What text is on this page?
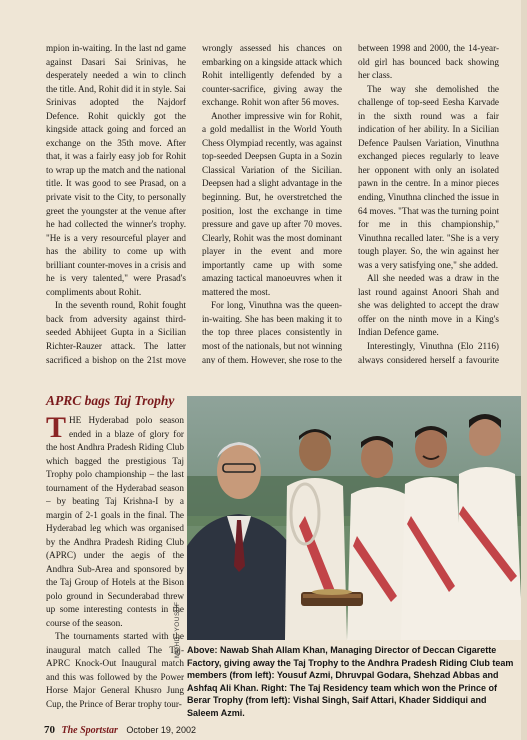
mpion in-waiting. In the last nd game against Dasari Sai Srinivas, he desperately needed a win to clinch the title. And, Rohit did it in style. Sai Srinivas adopted the Najdorf Defence. Rohit quickly got the kingside attack going and forced an exchange on the 35th move. After that, it was a fairly easy job for Rohit to wrap up the match and the national title. It was good to see Prasad, on a private visit to the City, to personally greet the youngster at the venue after he had collected the winner's trophy. "He is a very resourceful player and has the ability to come up with brilliant counter-moves in a crisis and he is very talented," were Prasad's compliments about Rohit.

In the seventh round, Rohit fought back from adversity against third-seeded Abhijeet Gupta in a Sicilian Richter-Rauzer attack. The latter sacrificed a bishop on the 21st move

wrongly assessed his chances on embarking on a kingside attack which Rohit intelligently defended by a counter-sacrifice, giving away the exchange. Rohit won after 56 moves.

Another impressive win for Rohit, a gold medallist in the World Youth Chess Olympiad recently, was against top-seeded Deepsen Gupta in a Sozin Classical Variation of the Sicilian. Deepsen had a slight advantage in the beginning. But, he overstretched the position, lost the exchange in time pressure and gave up after 70 moves. Clearly, Rohit was the most dominant player in the event and more importantly came up with some amazing tactical manoeuvres when it mattered the most.

For long, Vinuthna was the queen-in-waiting. She has been making it to the top three places consistently in most of the nationals, but not winning any of them. However, she rose to the

between 1998 and 2000, the 14-year-old girl has bounced back showing her class.

The way she demolished the challenge of top-seed Eesha Karvade in the sixth round was a fair indication of her ability. In a Sicilian Defence Paulsen Variation, Vinuthna exchanged pieces regularly to leave her opponent with only an isolated pawn in the centre. In a minor pieces ending, Vinuthna clinched the issue in 64 moves. "That was the turning point for me in this championship," Vinuthna recalled later. "She is a very tough player. So, the win against her was a very satisfying one," she added.

All she needed was a draw in the last round against Anoori Shah and she was delighted to accept the draw offer on the ninth move in a King's Indian Defence game.

Interestingly, Vinuthna (Elo 2116) always considered herself a favourite

APRC bags Taj Trophy

THE Hyderabad polo season ended in a blaze of glory for the host Andhra Pradesh Riding Club which bagged the prestigious Taj Trophy polo championship – the last tournament of the Hyderabad season – by beating Taj Krishna-I by a margin of 2-1 goals in the final. The Hyderabad leg which was organised by the Andhra Pradesh Riding Club (APRC) under the aegis of the Andhra Sub-Area and sponsored by the Taj Group of Hotels at the Bison polo ground in Secunderabad threw up some interesting contests in the course of the season.

The tournaments started with the inaugural match called The Taj-APRC Knock-Out Inaugural match and this was followed by the Power Horse Major General Khusro Jung Cup, the Prince of Berar trophy tour-

MOHD. YOUSUF Above: Nawab Shah Allam Khan, Managing Director of Deccan Cigarette Factory, giving away the Taj Trophy to the Andhra Pradesh Riding Club team members (from left): Yousuf Azmi, Dhruvpal Godara, Shehzad Abbas and Ashfaq Ali Khan. Right: The Taj Residency team which won the Prince of Berar Trophy (from left): Vishal Singh, Saif Attari, Khader Siddiqui and Saleem Azmi.

70 The Sportstar October 19, 2002
